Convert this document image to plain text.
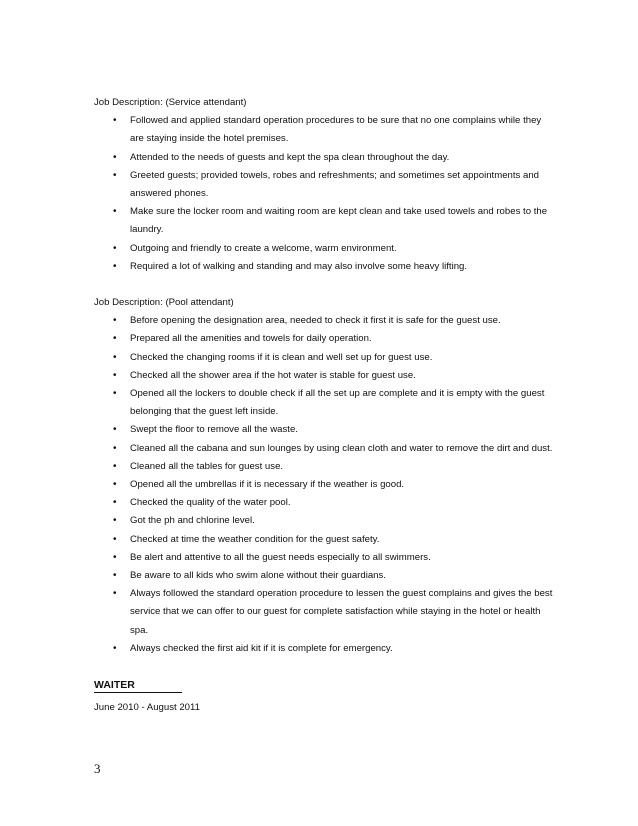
Job Description: (Service attendant)

• Followed and applied standard operation procedures to be sure that no one complains while they are staying inside the hotel premises.
• Attended to the needs of guests and kept the spa clean throughout the day.
• Greeted guests; provided towels, robes and refreshments; and sometimes set appointments and answered phones.
• Make sure the locker room and waiting room are kept clean and take used towels and robes to the laundry.
• Outgoing and friendly to create a welcome, warm environment.
• Required a lot of walking and standing and may also involve some heavy lifting.

Job Description: (Pool attendant)

• Before opening the designation area, needed to check it first it is safe for the guest use.
• Prepared all the amenities and towels for daily operation.
• Checked the changing rooms if it is clean and well set up for guest use.
• Checked all the shower area if the hot water is stable for guest use.
• Opened all the lockers to double check if all the set up are complete and it is empty with the guest belonging that the guest left inside.
• Swept the floor to remove all the waste.
• Cleaned all the cabana and sun lounges by using clean cloth and water to remove the dirt and dust.
• Cleaned all the tables for guest use.
• Opened all the umbrellas if it is necessary if the weather is good.
• Checked the quality of the water pool.
• Got the ph and chlorine level.
• Checked at time the weather condition for the guest safety.
• Be alert and attentive to all the guest needs especially to all swimmers.
• Be aware to all kids who swim alone without their guardians.
• Always followed the standard operation procedure to lessen the guest complains and gives the best service that we can offer to our guest for complete satisfaction while staying in the hotel or health spa.
• Always checked the first aid kit if it is complete for emergency.
WAITER

June 2010 - August 2011

3
